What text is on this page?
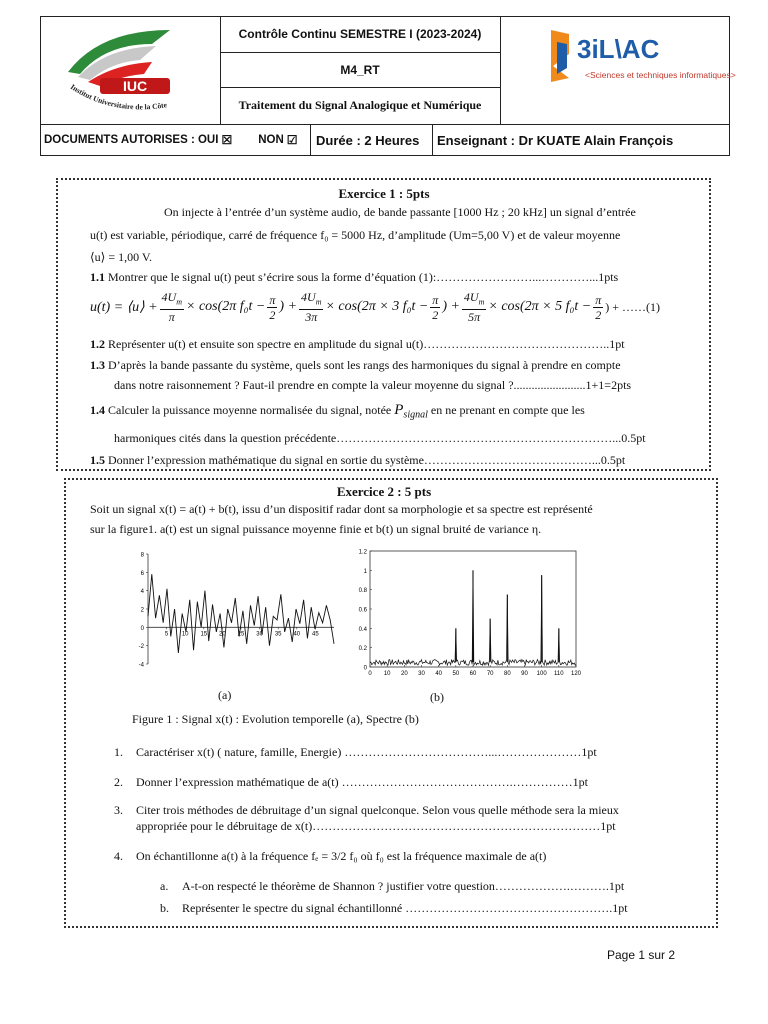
Contrôle Continu SEMESTRE I (2023-2024)
M4_RT
Traitement du Signal Analogique et Numérique
IUC
Institut Universitaire de la Côte
3iL\AC
<Sciences et techniques informatiques>
DOCUMENTS AUTORISES : OUI ☒ NON ☑ Durée : 2 Heures	Enseignant : Dr KUATE Alain François
Exercice 1 : 5pts
On injecte à l’entrée d’un système audio, de bande passante [1000 Hz ; 20 kHz] un signal d’entrée
u(t) est variable, périodique, carré de fréquence f₀ = 5000 Hz, d’amplitude (Um=5,00 V) et de valeur moyenne
⟨u⟩ = 1,00 V.
1.1 Montrer que le signal u(t) peut s’écrire sous la forme d’équation (1):……………………...…………...1pts
u(t) = ⟨u⟩ + $\frac{4U_m}{\pi} \times \cos(2\pi$ $f_0t - \frac{\pi}{2}$ ) + $\frac{4U_m}{3\pi} \times \cos(2\pi \times 3$ $f_0t - \frac{\pi}{2}$ ) + $\frac{4U_m}{5\pi} \times \cos(2\pi \times 5$ $f_0t - \frac{\pi}{2}$ ) + ……(1)
1.2 Représenter u(t) et ensuite son spectre en amplitude du signal u(t)………………………………………..1pt
1.3 D’après la bande passante du système, quels sont les rangs des harmoniques du signal à prendre en compte
dans notre raisonnement ? Faut-il prendre en compte la valeur moyenne du signal ?........................1+1=2pts
1.4 Calculer la puissance moyenne normalisée du signal, notée $P_{signal}$ en ne prenant en compte que les
harmoniques cités dans la question précédente……………………………………………………………...0.5pt
1.5 Donner l’expression mathématique du signal en sortie du système……………………………………...0.5pt
Exercice 2 : 5 pts
Soit un signal x(t) = a(t) + b(t), issu d’un dispositif radar dont sa morphologie et sa spectre est représenté
sur la figure1. a(t) est un signal puissance moyenne finie et b(t) un signal bruité de variance η.
8
6
4
2
0
-2
-4
5 10 15 20 25 30 35 40 45
1.2
1
0.8
0.6
0.4
0.2
0
0 10 20 30 40 50 60 70 80 90 100 110 120
(a)	(b)
Figure 1 : Signal x(t) : Evolution temporelle (a), Spectre (b)
1. Caractériser x(t) ( nature, famille, Energie) ………………………………...…………………1pt
2. Donner l’expression mathématique de a(t) …………………………………….……………1pt
3. Citer trois méthodes de débruitage d’un signal quelconque. Selon vous quelle méthode sera la mieux
appropriée pour le débruitage de x(t)………………………………………………………………1pt
4. On échantillonne a(t) à la fréquence fₑ = 3/2 f₀ où f₀ est la fréquence maximale de a(t)
a. A-t-on respecté le théorème de Shannon ? justifier votre question……………….……….1pt
b. Représenter le spectre du signal échantillonné …………………………………………….1pt
Page 1 sur 2
